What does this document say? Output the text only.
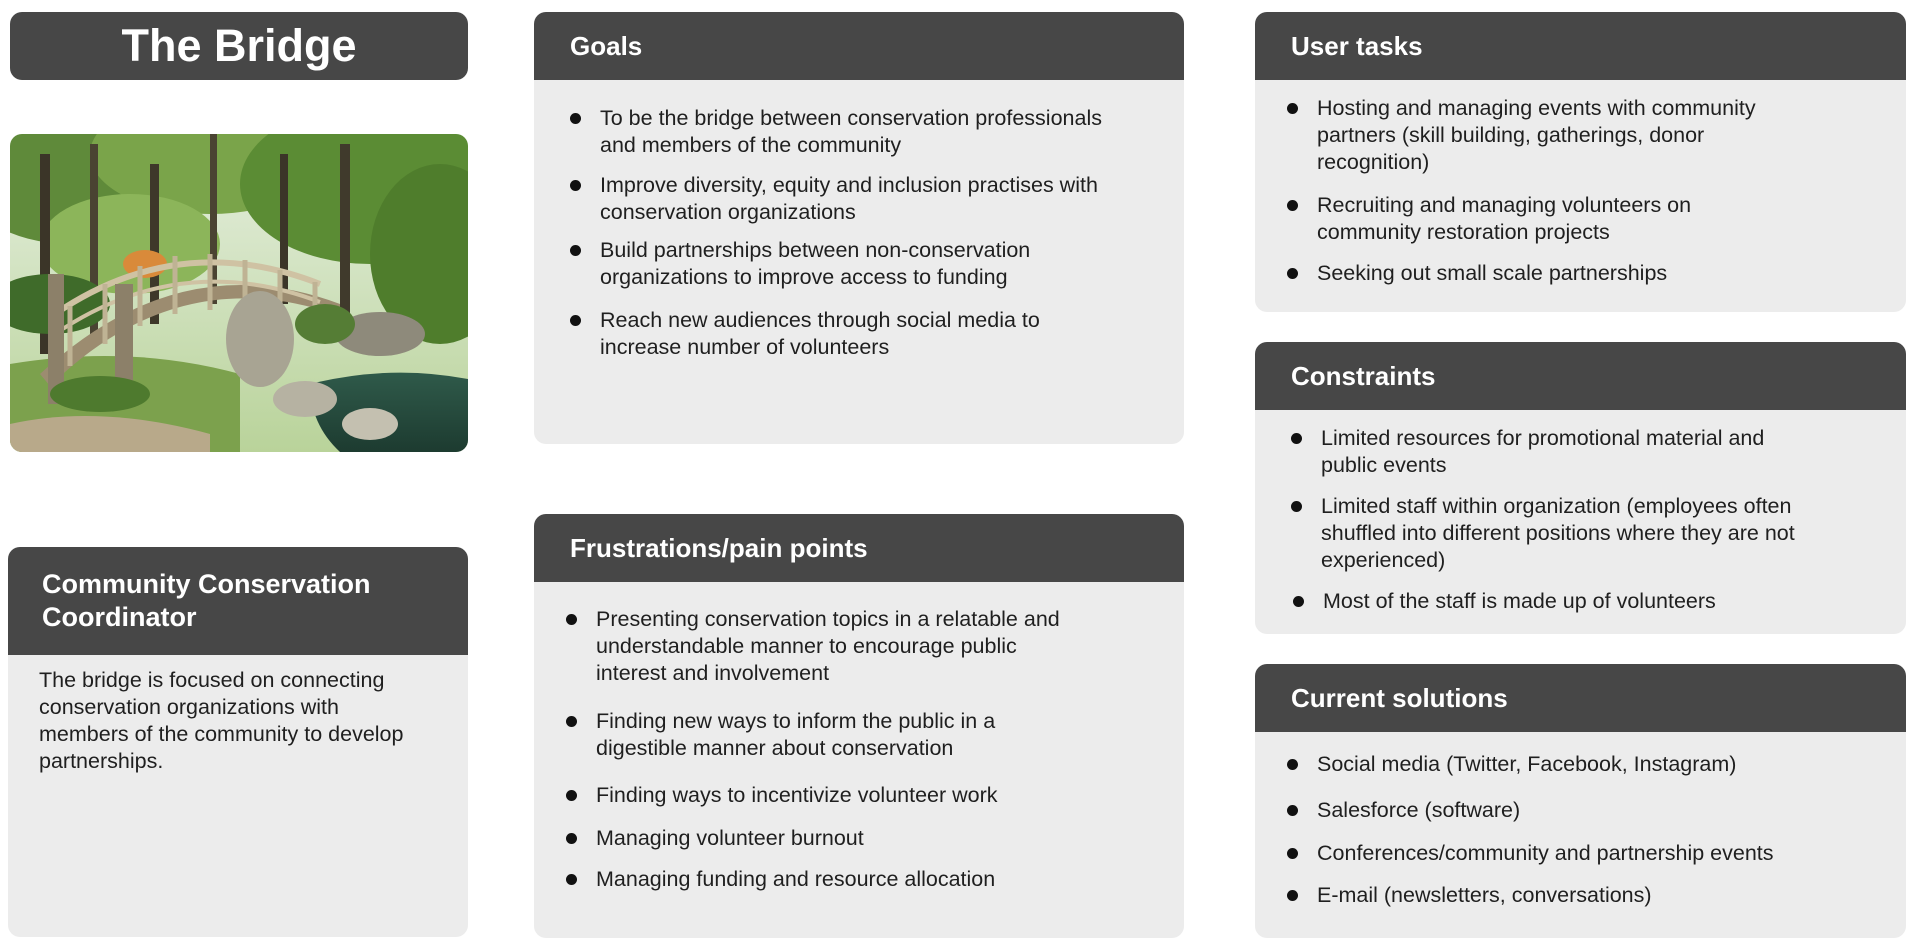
The Bridge
Community Conservation Coordinator
The bridge is focused on connecting conservation organizations with members of the community to develop partnerships.
Goals
To be the bridge between conservation professionals and members of the community
Improve diversity, equity and inclusion practises with conservation organizations
Build partnerships between non-conservation organizations to improve access to funding
Reach new audiences through social media to increase number of volunteers
Frustrations/pain points
Presenting conservation topics in a relatable and understandable manner to encourage public interest and involvement
Finding new ways to inform the public in a digestible manner about conservation
Finding ways to incentivize volunteer work
Managing volunteer burnout
Managing funding and resource allocation
User tasks
Hosting and managing events with community partners (skill building, gatherings, donor recognition)
Recruiting and managing volunteers on community restoration projects
Seeking out small scale partnerships
Constraints
Limited resources for promotional material and public events
Limited staff within organization (employees often shuffled into different positions where they are not experienced)
Most of the staff is made up of volunteers
Current solutions
Social media (Twitter, Facebook, Instagram)
Salesforce (software)
Conferences/community and partnership events
E-mail (newsletters, conversations)
